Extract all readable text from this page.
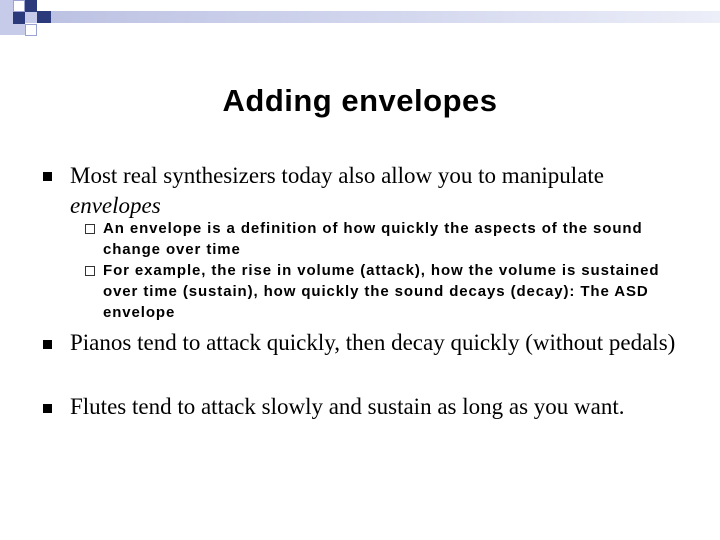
Adding envelopes
Most real synthesizers today also allow you to manipulate envelopes
An envelope is a definition of how quickly the aspects of the sound change over time
For example, the rise in volume (attack), how the volume is sustained over time (sustain), how quickly the sound decays (decay): The ASD envelope
Pianos tend to attack quickly, then decay quickly (without pedals)
Flutes tend to attack slowly and sustain as long as you want.
